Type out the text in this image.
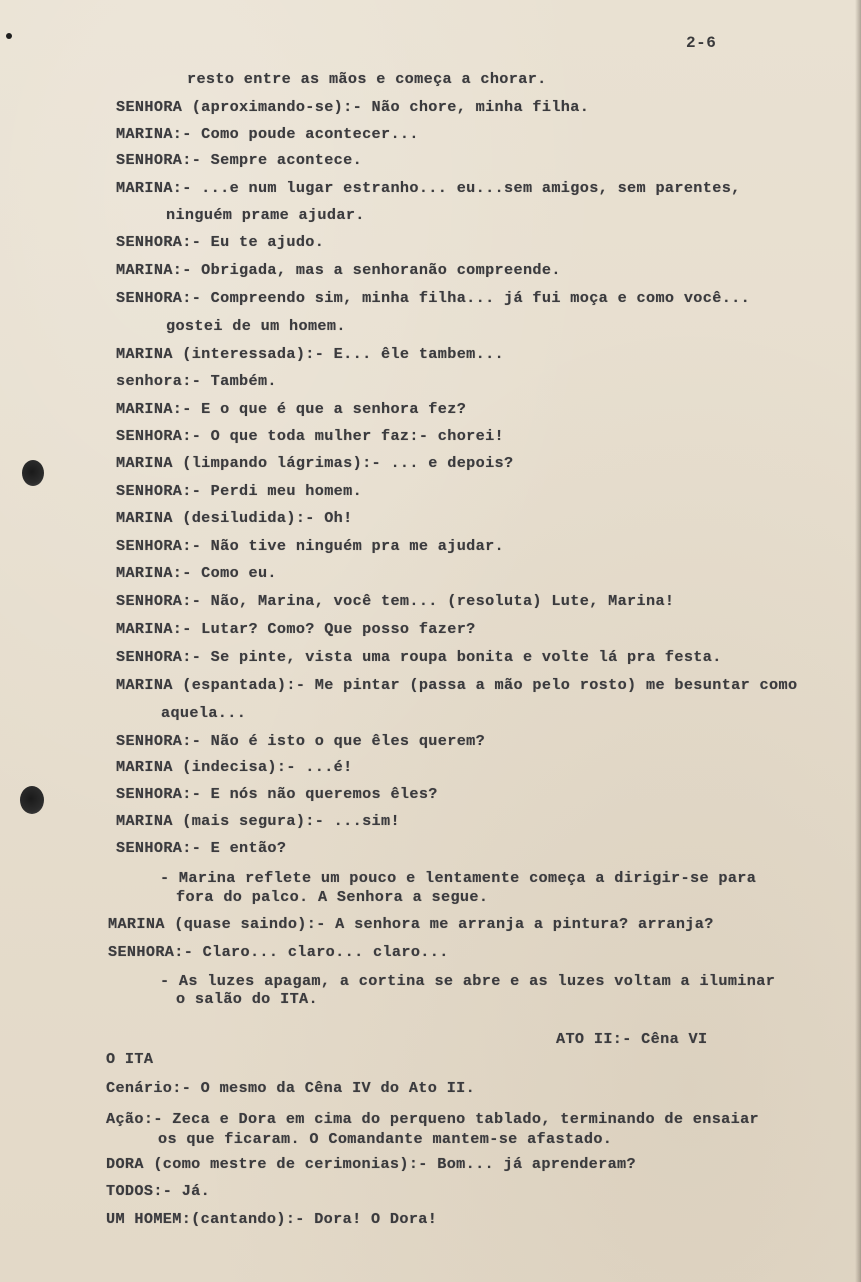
2-6
resto entre as mãos e começa a chorar.
SENHORA (aproximando-se):- Não chore, minha filha.
MARINA:- Como poude acontecer...
SENHORA:- Sempre acontece.
MARINA:- ...e num lugar estranho... eu...sem amigos, sem parentes,
ninguém prame ajudar.
SENHORA:- Eu te ajudo.
MARINA:- Obrigada, mas a senhoranão compreende.
SENHORA:- Compreendo sim, minha filha... já fui moça e como você...
gostei de um homem.
MARINA (interessada):- E... êle tambem...
senhora:- Também.
MARINA:- E o que é que a senhora fez?
SENHORA:- O que toda mulher faz:- chorei!
MARINA (limpando lágrimas):- ... e depois?
SENHORA:- Perdi meu homem.
MARINA (desiludida):- Oh!
SENHORA:- Não tive ninguém pra me ajudar.
MARINA:- Como eu.
SENHORA:- Não, Marina, você tem... (resoluta) Lute, Marina!
MARINA:- Lutar? Como? Que posso fazer?
SENHORA:- Se pinte, vista uma roupa bonita e volte lá pra festa.
MARINA (espantada):- Me pintar (passa a mão pelo rosto) me besuntar como
aquela...
SENHORA:- Não é isto o que êles querem?
MARINA (indecisa):- ...é!
SENHORA:- E nós não queremos êles?
MARINA (mais segura):- ...sim!
SENHORA:- E então?
- Marina reflete um pouco e lentamente começa a dirigir-se para
fora do palco. A Senhora a segue.
MARINA (quase saindo):- A senhora me arranja a pintura? arranja?
SENHORA:- Claro... claro... claro...
- As luzes apagam, a cortina se abre e as luzes voltam a iluminar
o salão do ITA.
ATO II:- Cêna VI
O ITA
Cenário:- O mesmo da Cêna IV do Ato II.
Ação:- Zeca e Dora em cima do perqueno tablado, terminando de ensaiar
os que ficaram. O Comandante mantem-se afastado.
DORA (como mestre de cerimonias):- Bom... já aprenderam?
TODOS:- Já.
UM HOMEM:(cantando):- Dora! O Dora!
